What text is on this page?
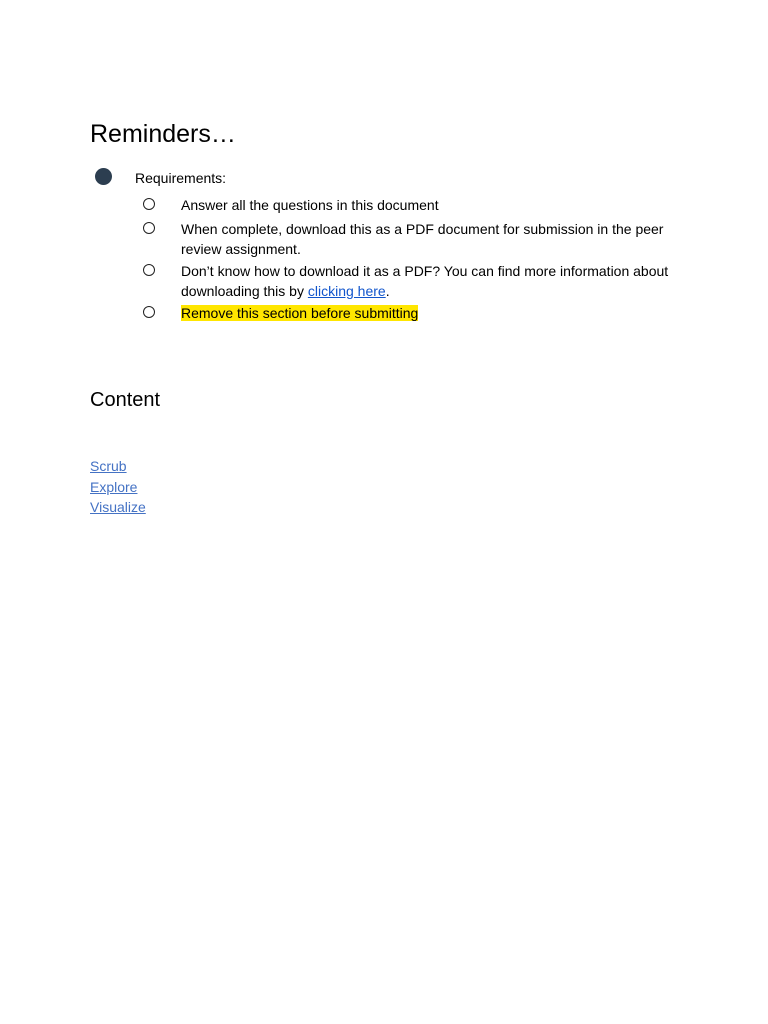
Reminders…
Requirements:
Answer all the questions in this document
When complete, download this as a PDF document for submission in the peer review assignment.
Don’t know how to download it as a PDF? You can find more information about downloading this by clicking here.
Remove this section before submitting
Content
Scrub
Explore
Visualize
